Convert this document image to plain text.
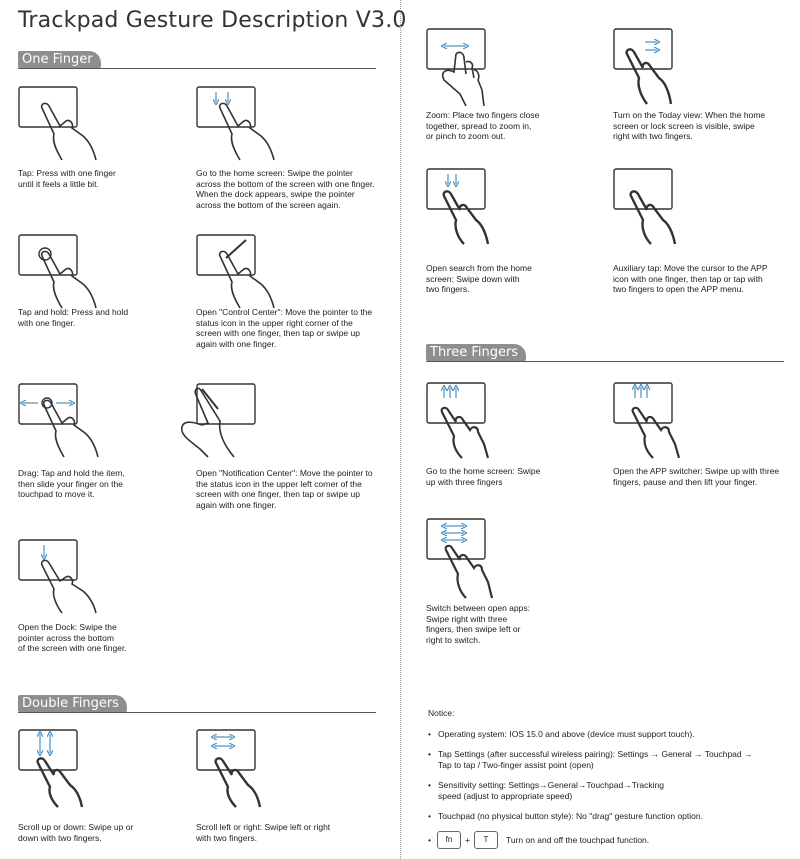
Trackpad Gesture Description V3.0
One Finger
Double Fingers
Three Fingers
Tap: Press with one finger
until it feels a little bit.
Go to the home screen: Swipe the pointer
across the bottom of the screen with one finger.
When the dock appears, swipe the pointer
across the bottom of the screen again.
Tap and hold: Press and hold
with one finger.
Open "Control Center": Move the pointer to the
status icon in the upper right corner of the
screen with one finger, then tap or swipe up
again with one finger.
Drag: Tap and hold the item,
then slide your finger on the
touchpad to move it.
Open "Notification Center": Move the pointer to
the status icon in the upper left corner of the
screen with one finger, then tap or swipe up
again with one finger.
Open the Dock: Swipe the
pointer across the bottom
of the screen with one finger.
Scroll up or down: Swipe up or
down with two fingers.
Scroll left or right: Swipe left or right
with two fingers.
Zoom: Place two fingers close
together, spread to zoom in,
or pinch to zoom out.
Turn on the Today view: When the home
screen or lock screen is visible, swipe
right with two fingers.
Open search from the home
screen: Swipe down with
two fingers.
Auxiliary tap: Move the cursor to the APP
icon with one finger, then tap or tap with
two fingers to open the APP menu.
Go to the home screen: Swipe
up with three fingers
Open the APP switcher: Swipe up with three
fingers, pause and then lift your finger.
Switch between open apps:
Swipe right with three
fingers, then swipe left or
right to switch.
Notice:
• Operating system: IOS 15.0 and above (device must support touch).
• Tap Settings (after successful wireless pairing): Settings → General → Touchpad →
Tap to tap / Two-finger assist point (open)
• Sensitivity setting: Settings→General→Touchpad→Tracking
speed (adjust to appropriate speed)
• Touchpad (no physical button style): No "drag" gesture function option.
•	fn	+	T	Turn on and off the touchpad function.
